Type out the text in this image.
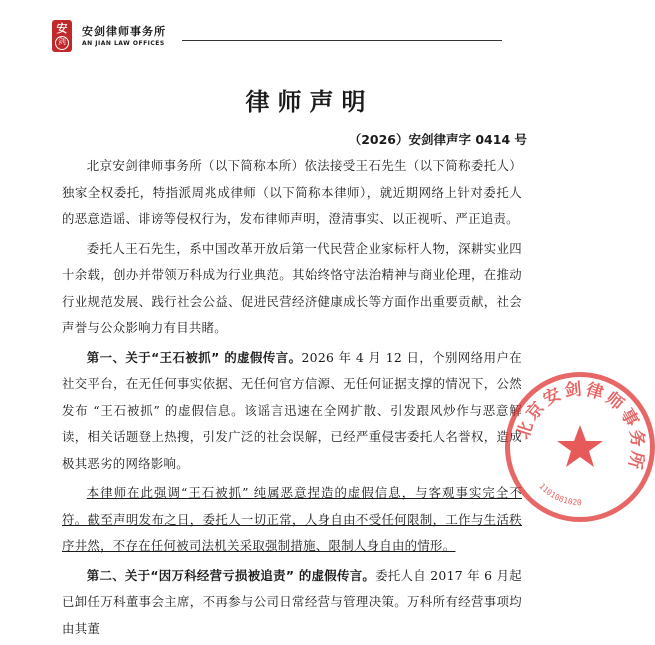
安
剑
安剑律师事务所
AN JIAN LAW OFFICES
律师声明
（2026）安剑律声字 0414 号

北京安剑律师事务所（以下简称本所）依法接受王石先生（以下简称委托人）独家全权委托，特指派周兆成律师（以下简称本律师），就近期网络上针对委托人的恶意造谣、诽谤等侵权行为，发布律师声明，澄清事实、以正视听、严正追责。

委托人王石先生，系中国改革开放后第一代民营企业家标杆人物，深耕实业四十余载，创办并带领万科成为行业典范。其始终恪守法治精神与商业伦理，在推动行业规范发展、践行社会公益、促进民营经济健康成长等方面作出重要贡献，社会声誉与公众影响力有目共睹。

第一、关于“王石被抓” 的虚假传言。2026 年 4 月 12 日，个别网络用户在社交平台，在无任何事实依据、无任何官方信源、无任何证据支撑的情况下，公然发布 “王石被抓” 的虚假信息。该谣言迅速在全网扩散、引发跟风炒作与恶意解读，相关话题登上热搜，引发广泛的社会误解，已经严重侵害委托人名誉权，造成极其恶劣的网络影响。

本律师在此强调“王石被抓” 纯属恶意捏造的虚假信息，与客观事实完全不符。截至声明发布之日，委托人一切正常，人身自由不受任何限制，工作与生活秩序井然，不存在任何被司法机关采取强制措施、限制人身自由的情形。

第二、关于“因万科经营亏损被追责” 的虚假传言。委托人自 2017 年 6 月起已卸任万科董事会主席，不再参与公司日常经营与管理决策。万科所有经营事项均由其董

北京安剑律师事务所
1101081020
